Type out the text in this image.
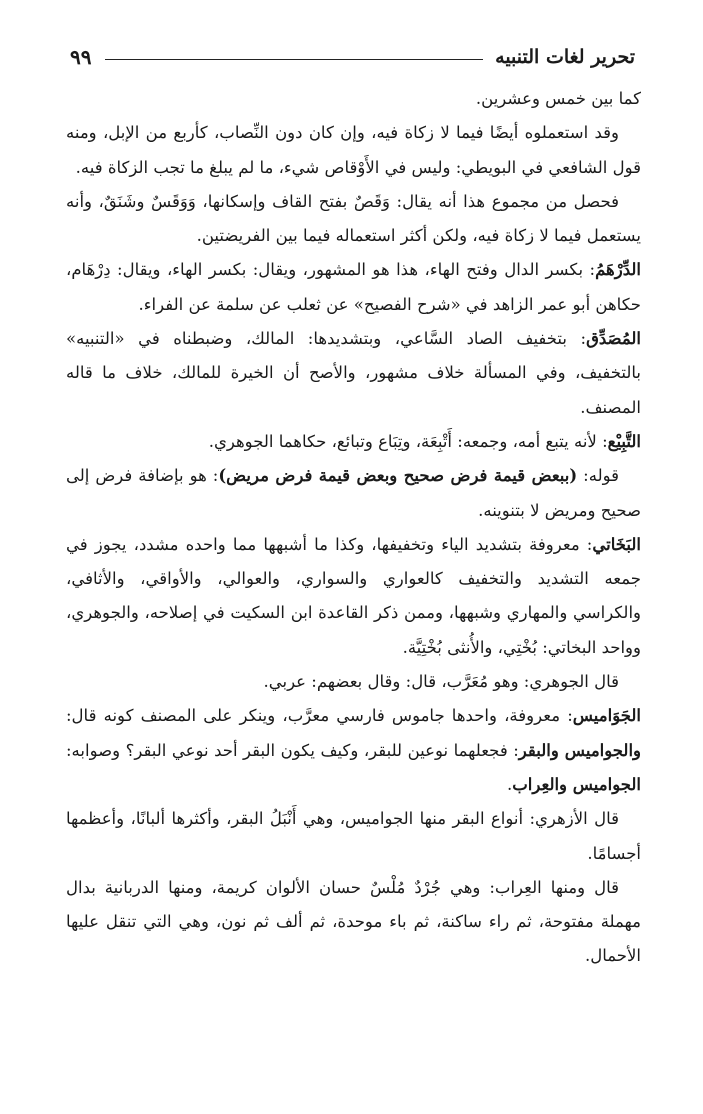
تحرير لغات التنبيه
٩٩

كما بين خمس وعشرين.

وقد استعملوه أيضًا فيما لا زكاة فيه، وإن كان دون النِّصاب، كأربع من الإبل، ومنه قول الشافعي في البويطي: وليس في الأَوْقاص شيء، ما لم يبلغ ما تجب الزكاة فيه.

فحصل من مجموع هذا أنه يقال: وَقَصٌ بفتح القاف وإسكانها، وَوَقَسٌ وشَنَقٌ، وأنه يستعمل فيما لا زكاة فيه، ولكن أكثر استعماله فيما بين الفريضتين.

الدِّرْهَمُ: بكسر الدال وفتح الهاء، هذا هو المشهور، ويقال: بكسر الهاء، ويقال: دِرْهَام، حكاهن أبو عمر الزاهد في «شرح الفصيح» عن ثعلب عن سلمة عن الفراء.

المُصَدِّق: بتخفيف الصاد السَّاعي، وبتشديدها: المالك، وضبطناه في «التنبيه» بالتخفيف، وفي المسألة خلاف مشهور، والأصح أن الخيرة للمالك، خلاف ما قاله المصنف.

التَّبِيْع: لأنه يتبع أمه، وجمعه: أَتْبِعَة، وتِبَاع وتبائع، حكاهما الجوهري.

قوله: (ببعض قيمة فرض صحيح وبعض قيمة فرض مريض): هو بإضافة فرض إلى صحيح ومريض لا بتنوينه.

البَخَاتي: معروفة بتشديد الياء وتخفيفها، وكذا ما أشبهها مما واحده مشدد، يجوز في جمعه التشديد والتخفيف كالعواري والسواري، والعوالي، والأواقي، والأثافي، والكراسي والمهاري وشبهها، وممن ذكر القاعدة ابن السكيت في إصلاحه، والجوهري، وواحد البخاتي: بُخْتِي، والأُنثى بُخْتِيَّة.

قال الجوهري: وهو مُعَرَّب، قال: وقال بعضهم: عربي.

الجَوَاميس: معروفة، واحدها جاموس فارسي معرَّب، وينكر على المصنف كونه قال: والجواميس والبقر: فجعلهما نوعين للبقر، وكيف يكون البقر أحد نوعي البقر؟ وصوابه: الجواميس والعِراب.

قال الأزهري: أنواع البقر منها الجواميس، وهي أَنْبَلُ البقر، وأكثرها ألبانًا، وأعظمها أجسامًا.

قال ومنها العِراب: وهي جُرْدٌ مُلْسٌ حسان الألوان كريمة، ومنها الدربانية بدال مهملة مفتوحة، ثم راء ساكنة، ثم باء موحدة، ثم ألف ثم نون، وهي التي تنقل عليها الأحمال.
